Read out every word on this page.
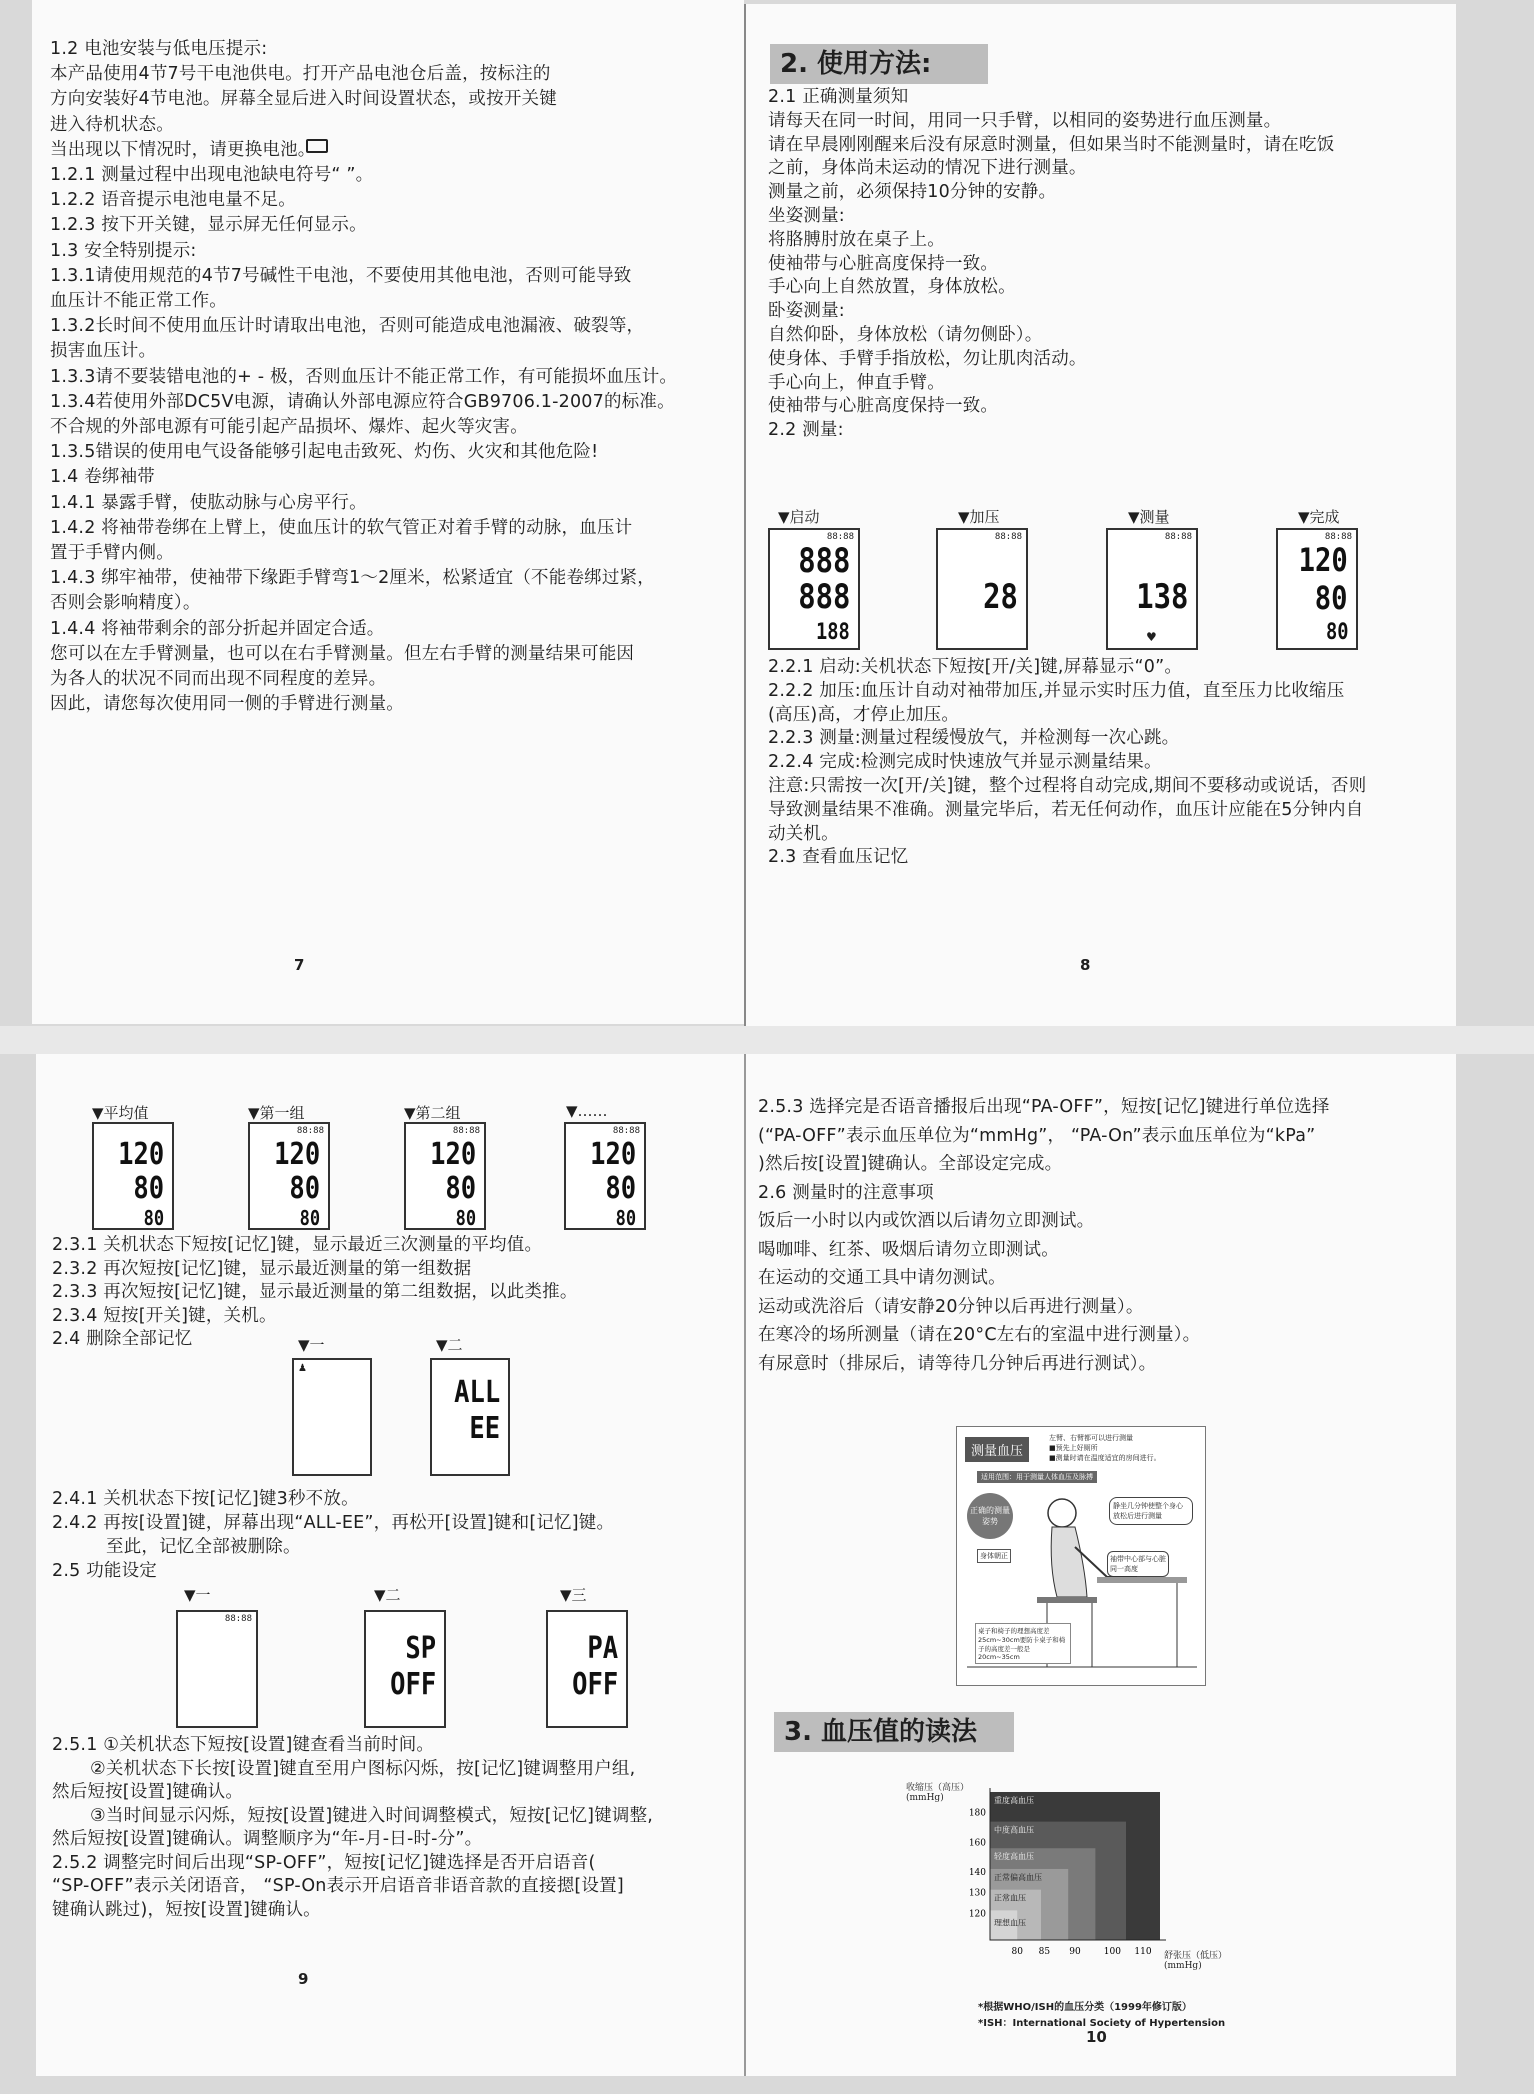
1.2 电池安装与低电压提示:
本产品使用4节7号干电池供电。打开产品电池仓后盖，按标注的
方向安装好4节电池。屏幕全显后进入时间设置状态，或按开关键
进入待机状态。
当出现以下情况时，请更换电池。
1.2.1 测量过程中出现电池缺电符号“ ”。
1.2.2 语音提示电池电量不足。
1.2.3 按下开关键，显示屏无任何显示。
1.3 安全特别提示:
1.3.1请使用规范的4节7号碱性干电池，不要使用其他电池，否则可能导致
血压计不能正常工作。
1.3.2长时间不使用血压计时请取出电池，否则可能造成电池漏液、破裂等，
损害血压计。
1.3.3请不要装错电池的+ - 极，否则血压计不能正常工作，有可能损坏血压计。
1.3.4若使用外部DC5V电源，请确认外部电源应符合GB9706.1-2007的标准。
不合规的外部电源有可能引起产品损坏、爆炸、起火等灾害。
1.3.5错误的使用电气设备能够引起电击致死、灼伤、火灾和其他危险!
1.4 卷绑袖带
1.4.1 暴露手臂，使肱动脉与心房平行。
1.4.2 将袖带卷绑在上臂上，使血压计的软气管正对着手臂的动脉，血压计
置于手臂内侧。
1.4.3 绑牢袖带，使袖带下缘距手臂弯1～2厘米，松紧适宜（不能卷绑过紧，
否则会影响精度）。
1.4.4 将袖带剩余的部分折起并固定合适。
您可以在左手臂测量，也可以在右手臂测量。但左右手臂的测量结果可能因
为各人的状况不同而出现不同程度的差异。
因此，请您每次使用同一侧的手臂进行测量。
7
2. 使用方法:
2.1 正确测量须知
请每天在同一时间，用同一只手臂，以相同的姿势进行血压测量。
请在早晨刚刚醒来后没有尿意时测量，但如果当时不能测量时，请在吃饭
之前，身体尚未运动的情况下进行测量。
测量之前，必须保持10分钟的安静。
坐姿测量:
将胳膊肘放在桌子上。
使袖带与心脏高度保持一致。
手心向上自然放置，身体放松。
卧姿测量:
自然仰卧，身体放松（请勿侧卧）。
使身体、手臂手指放松，勿让肌肉活动。
手心向上，伸直手臂。
使袖带与心脏高度保持一致。
2.2 测量:
▼启动	▼加压	▼测量	▼完成
88:88
888
888
188
88:88
28
88:88
138
♥
88:88
120
80
80
2.2.1 启动:关机状态下短按[开/关]键,屏幕显示“0”。
2.2.2 加压:血压计自动对袖带加压,并显示实时压力值，直至压力比收缩压
(高压)高，才停止加压。
2.2.3 测量:测量过程缓慢放气，并检测每一次心跳。
2.2.4 完成:检测完成时快速放气并显示测量结果。
注意:只需按一次[开/关]键，整个过程将自动完成,期间不要移动或说话，否则
导致测量结果不准确。测量完毕后，若无任何动作，血压计应能在5分钟内自
动关机。
2.3 查看血压记忆
8
▼平均值	▼第一组	▼第二组	▼……
120
80
80
88:88
120
80
80
88:88
120
80
80
88:88
120
80
80
2.3.1 关机状态下短按[记忆]键，显示最近三次测量的平均值。
2.3.2 再次短按[记忆]键，显示最近测量的第一组数据
2.3.3 再次短按[记忆]键，显示最近测量的第二组数据，以此类推。
2.3.4 短按[开关]键，关机。
2.4 删除全部记忆	▼一	▼二
♟
ALL
EE
2.4.1 关机状态下按[记忆]键3秒不放。
2.4.2 再按[设置]键，屏幕出现“ALL-EE”，再松开[设置]键和[记忆]键。
至此，记忆全部被删除。
2.5 功能设定
▼一	▼二	▼三
88:88
SP
OFF
PA
OFF
2.5.1 ①关机状态下短按[设置]键查看当前时间。
②关机状态下长按[设置]键直至用户图标闪烁，按[记忆]键调整用户组,
然后短按[设置]键确认。
③当时间显示闪烁，短按[设置]键进入时间调整模式，短按[记忆]键调整,
然后短按[设置]键确认。调整顺序为“年-月-日-时-分”。
2.5.2 调整完时间后出现“SP-OFF”，短按[记忆]键选择是否开启语音(
“SP-OFF”表示关闭语音， “SP-On表示开启语音非语音款的直接摁[设置]
键确认跳过)，短按[设置]键确认。
9
2.5.3 选择完是否语音播报后出现“PA-OFF”，短按[记忆]键进行单位选择
(“PA-OFF”表示血压单位为“mmHg”， “PA-On”表示血压单位为“kPa”
)然后按[设置]键确认。全部设定完成。
2.6 测量时的注意事项
饭后一小时以内或饮酒以后请勿立即测试。
喝咖啡、红茶、吸烟后请勿立即测试。
在运动的交通工具中请勿测试。
运动或洗浴后（请安静20分钟以后再进行测量）。
在寒冷的场所测量（请在20°C左右的室温中进行测量）。
有尿意时（排尿后，请等待几分钟后再进行测试）。
测量血压
左臂、右臂都可以进行测量
■预先上好厕所
■测量时请在温度适宜的房间进行。
适用范围：用于测量人体血压及脉搏
正确的测量姿势
身体朝正
静坐几分钟使整个身心放松后进行测量
袖带中心部与心脏同一高度
桌子和椅子的理想高度差 25cm~30cm要防卡桌子和椅子的高度差一般是20cm~35cm
3. 血压值的读法
收缩压（高压）(mmHg)
舒张压（低压）(mmHg)
重度高血压
中度高血压
轻度高血压
正常偏高血压
正常血压
理想血压
180
160
140
130
120
80 85 90	100 110
*根据WHO/ISH的血压分类（1999年修订版）
*ISH：International Society of Hypertension
10
